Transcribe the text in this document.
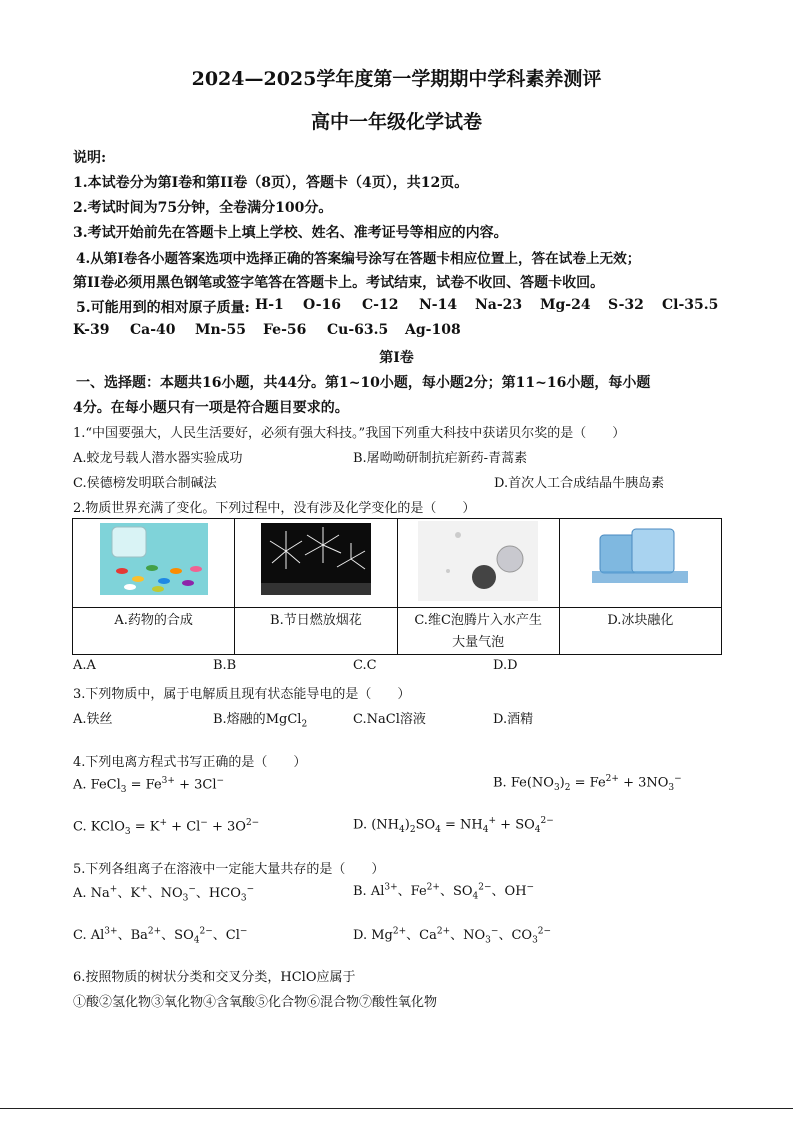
2024—2025学年度第一学期期中学科素养测评
高中一年级化学试卷
说明:
1.本试卷分为第I卷和第II卷（8页），答题卡（4页），共12页。
2.考试时间为75分钟，全卷满分100分。
3.考试开始前先在答题卡上填上学校、姓名、准考证号等相应的内容。
4.从第I卷各小题答案选项中选择正确的答案编号涂写在答题卡相应位置上，答在试卷上无效；
第II卷必须用黑色钢笔或签字笔答在答题卡上。考试结束，试卷不收回、答题卡收回。
5.可能用到的相对原子质量: H-1 O-16 C-12 N-14 Na-23 Mg-24 S-32 Cl-35.5
K-39 Ca-40 Mn-55 Fe-56 Cu-63.5 Ag-108
第I卷
一、选择题：本题共16小题，共44分。第1~10小题，每小题2分；第11~16小题，每小题
4分。在每小题只有一项是符合题目要求的。
1.“中国要强大，人民生活要好，必须有强大科技。”我国下列重大科技中获诺贝尔奖的是（　　）
A.蛟龙号载人潜水器实验成功	B.屠呦呦研制抗疟新药-青蒿素
C.侯德榜发明联合制碱法	D.首次人工合成结晶牛胰岛素
2.物质世界充满了变化。下列过程中，没有涉及化学变化的是（　　）

A.药物的合成	B.节日燃放烟花	C.维C泡腾片入水产生
大量气泡	D.冰块融化
A.A	B.B	C.C	D.D
3.下列物质中，属于电解质且现有状态能导电的是（　　）
A.铁丝	B.熔融的MgCl$_2$	C.NaCl溶液	D.酒精
4.下列电离方程式书写正确的是（　　）
A. FeCl$_3$ = $Fe^{3+} + 3Cl^-$	B. $Fe(NO_3)_2 = Fe^{2+} + 3NO_3^-$
C. KClO$_3$ = $K^+ + Cl^- + 3O^{2-}$	D. $(NH_4)_2SO_4 = NH_4^+ + SO_4^{2-}$
5.下列各组离子在溶液中一定能大量共存的是（　　）
A. Na+、K+、$NO_3^-$、$HCO_3^-$	B. $Al^{3+}$、$Fe^{2+}$、$SO_4^{2-}$、OH−
C. $Al^{3+}$、$Ba^{2+}$、$SO_4^{2-}$、Cl−	D. $Mg^{2+}$、$Ca^{2+}$、$NO_3^-$、$CO_3^{2-}$
6.按照物质的树状分类和交叉分类，HClO应属于
①酸②氢化物③氧化物④含氧酸⑤化合物⑥混合物⑦酸性氧化物
